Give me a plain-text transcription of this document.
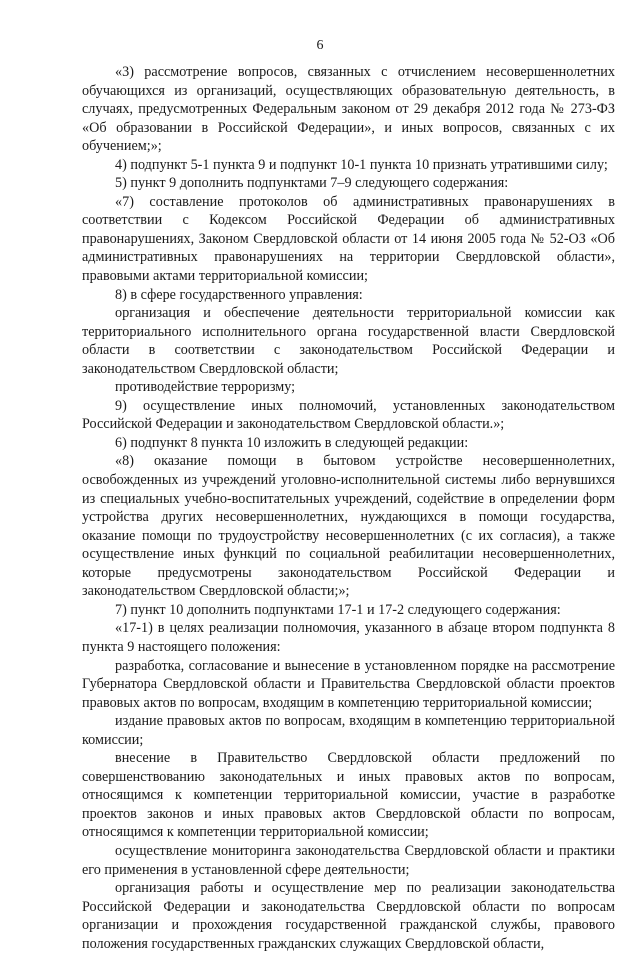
6

«3) рассмотрение вопросов, связанных с отчислением несовершеннолетних обучающихся из организаций, осуществляющих образовательную деятельность, в случаях, предусмотренных Федеральным законом от 29 декабря 2012 года № 273-ФЗ «Об образовании в Российской Федерации», и иных вопросов, связанных с их обучением;»;

4) подпункт 5-1 пункта 9 и подпункт 10-1 пункта 10 признать утратившими силу;

5) пункт 9 дополнить подпунктами 7–9 следующего содержания:

«7) составление протоколов об административных правонарушениях в соответствии с Кодексом Российской Федерации об административных правонарушениях, Законом Свердловской области от 14 июня 2005 года № 52-ОЗ «Об административных правонарушениях на территории Свердловской области», правовыми актами территориальной комиссии;

8) в сфере государственного управления:

организация и обеспечение деятельности территориальной комиссии как территориального исполнительного органа государственной власти Свердловской области в соответствии с законодательством Российской Федерации и законодательством Свердловской области;

противодействие терроризму;

9) осуществление иных полномочий, установленных законодательством Российской Федерации и законодательством Свердловской области.»;

6) подпункт 8 пункта 10 изложить в следующей редакции:

«8) оказание помощи в бытовом устройстве несовершеннолетних, освобожденных из учреждений уголовно-исполнительной системы либо вернувшихся из специальных учебно-воспитательных учреждений, содействие в определении форм устройства других несовершеннолетних, нуждающихся в помощи государства, оказание помощи по трудоустройству несовершеннолетних (с их согласия), а также осуществление иных функций по социальной реабилитации несовершеннолетних, которые предусмотрены законодательством Российской Федерации и законодательством Свердловской области;»;

7) пункт 10 дополнить подпунктами 17-1 и 17-2 следующего содержания:

«17-1) в целях реализации полномочия, указанного в абзаце втором подпункта 8 пункта 9 настоящего положения:

разработка, согласование и вынесение в установленном порядке на рассмотрение Губернатора Свердловской области и Правительства Свердловской области проектов правовых актов по вопросам, входящим в компетенцию территориальной комиссии;

издание правовых актов по вопросам, входящим в компетенцию территориальной комиссии;

внесение в Правительство Свердловской области предложений по совершенствованию законодательных и иных правовых актов по вопросам, относящимся к компетенции территориальной комиссии, участие в разработке проектов законов и иных правовых актов Свердловской области по вопросам, относящимся к компетенции территориальной комиссии;

осуществление мониторинга законодательства Свердловской области и практики его применения в установленной сфере деятельности;

организация работы и осуществление мер по реализации законодательства Российской Федерации и законодательства Свердловской области по вопросам организации и прохождения государственной гражданской службы, правового положения государственных гражданских служащих Свердловской области,
